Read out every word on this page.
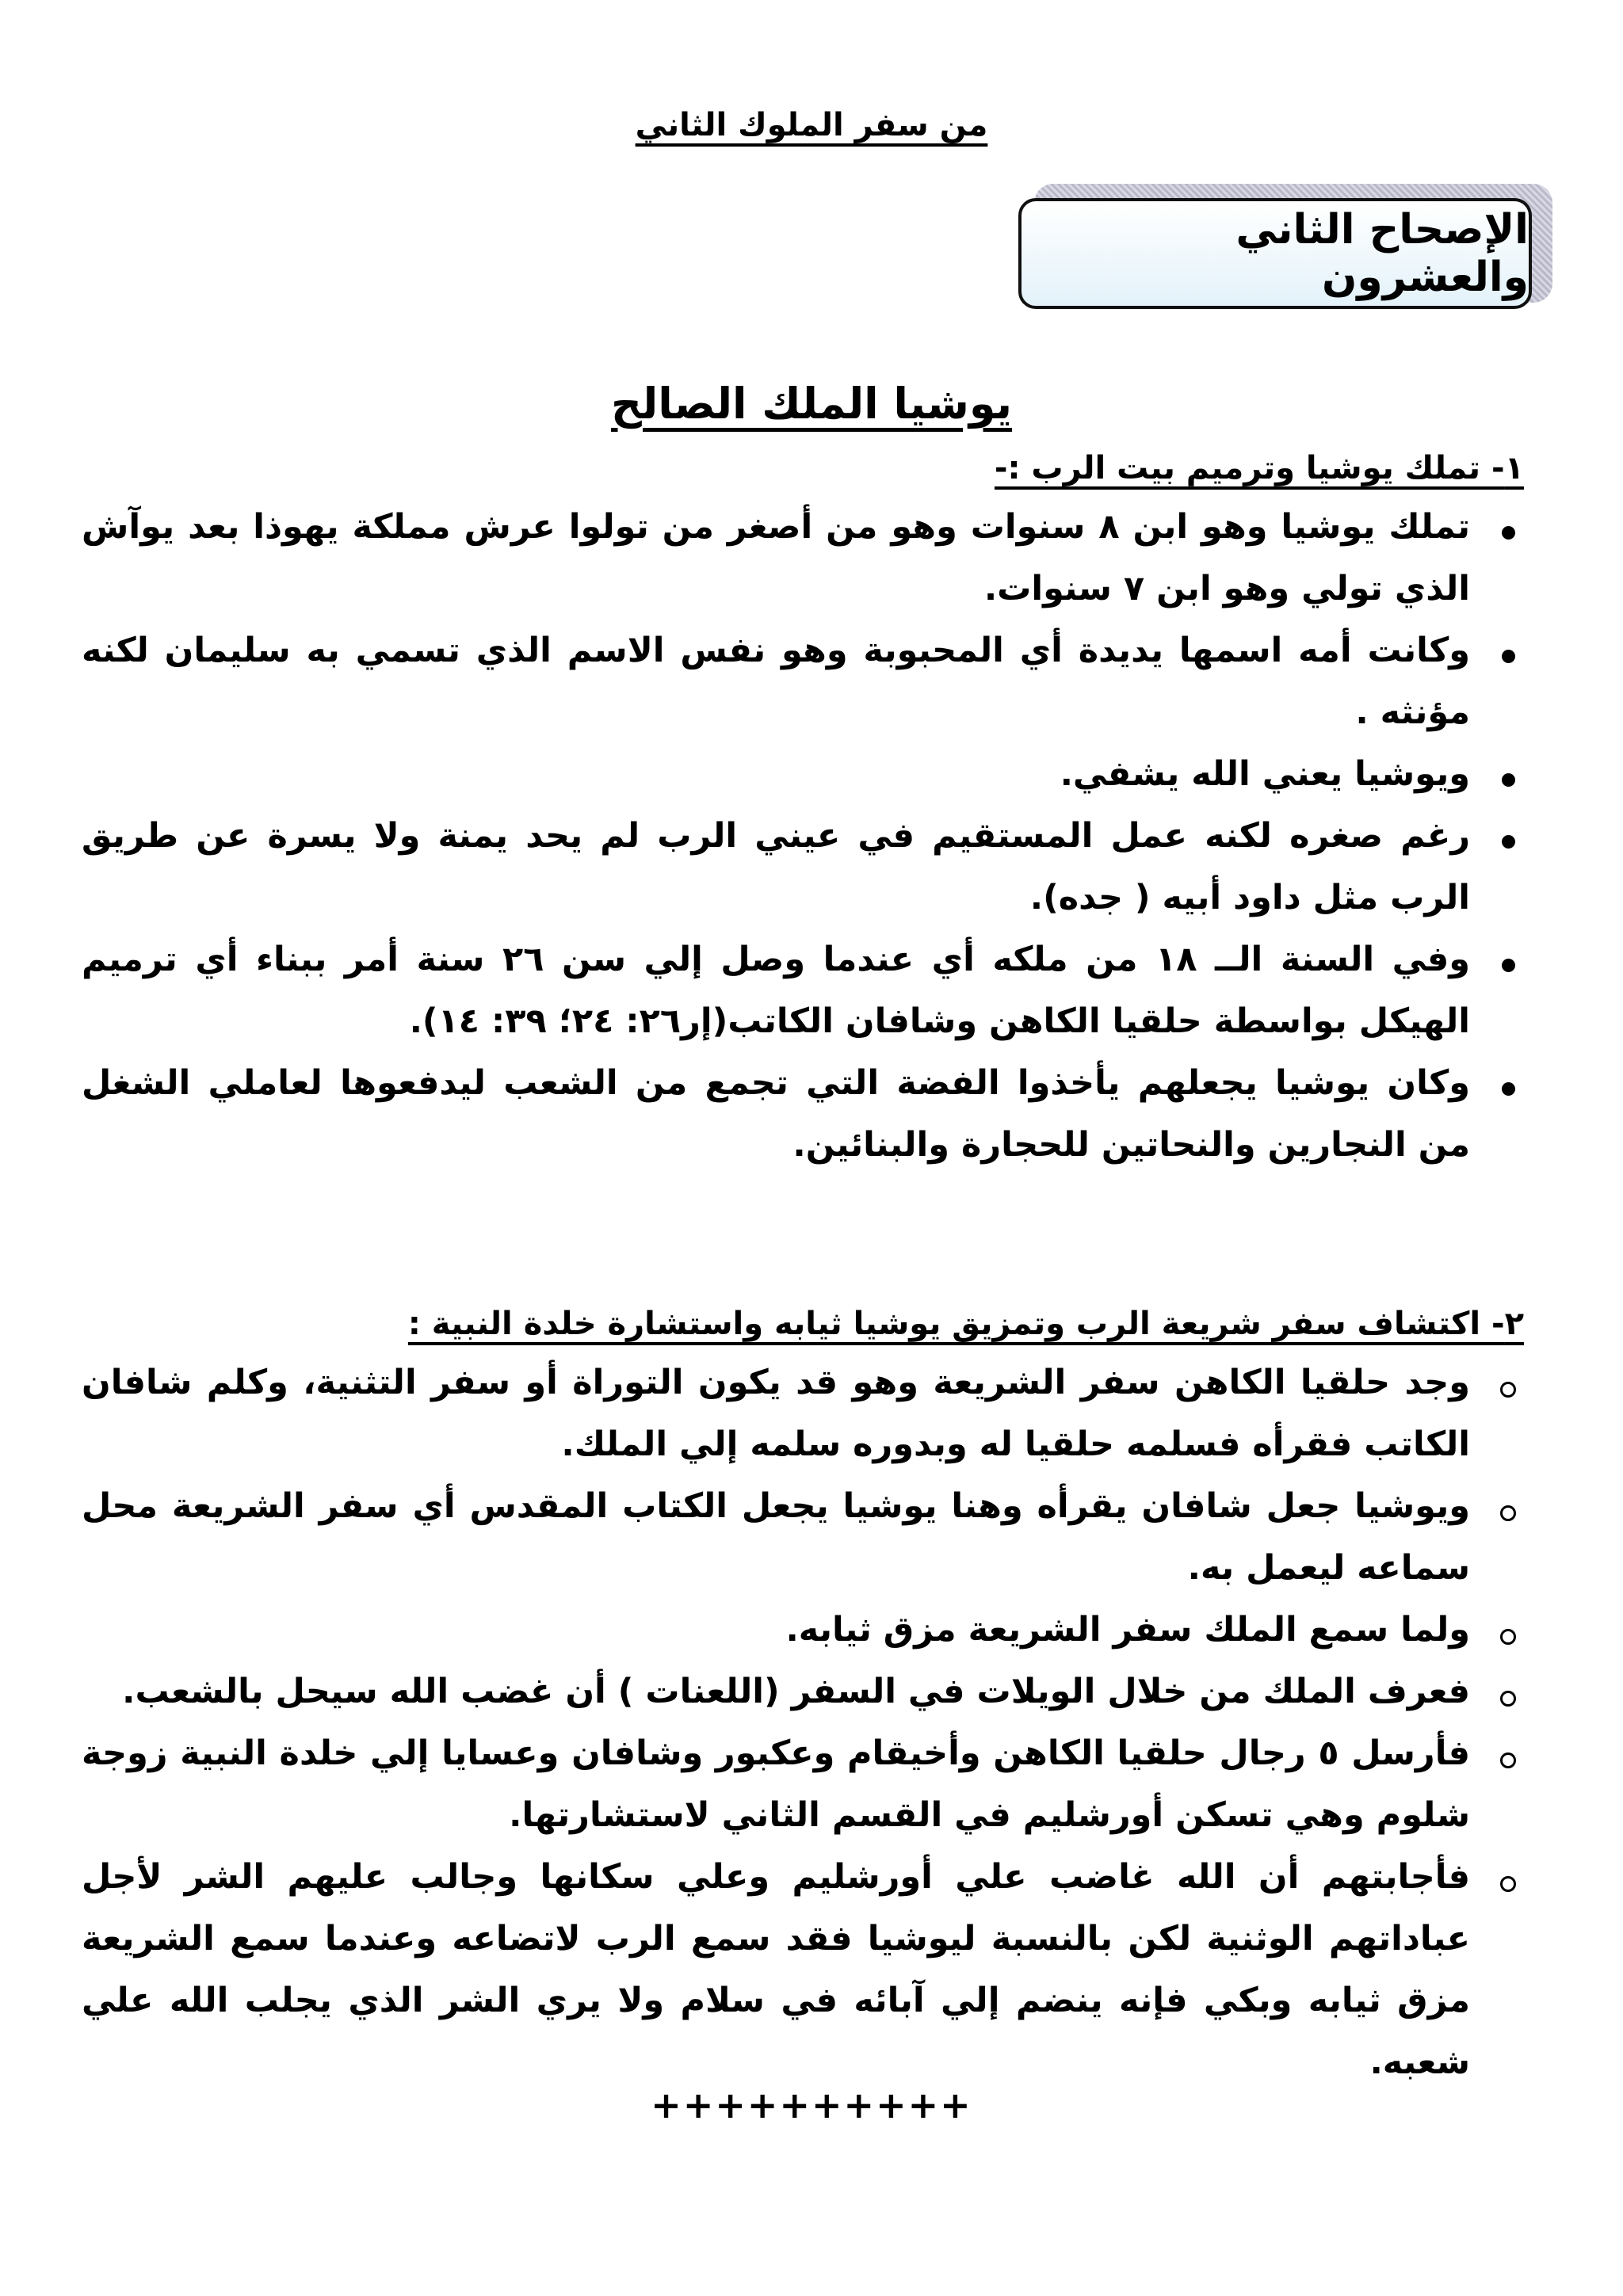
من سفر الملوك الثاني
الإصحاح الثاني والعشرون
يوشيا الملك الصالح
١- تملك يوشيا وترميم بيت الرب :-
تملك يوشيا وهو ابن ٨ سنوات وهو من أصغر من تولوا عرش مملكة يهوذا بعد يوآش الذي تولي وهو ابن ٧ سنوات.
وكانت أمه اسمها يديدة أي المحبوبة وهو نفس الاسم الذي تسمي به سليمان لكنه مؤنثه .
ويوشيا يعني الله يشفي.
رغم صغره لكنه عمل المستقيم في عيني الرب لم يحد يمنة ولا يسرة عن طريق الرب مثل داود أبيه ( جده).
وفي السنة الــ ١٨ من ملكه أي عندما وصل إلي سن ٢٦ سنة أمر ببناء أي ترميم الهيكل بواسطة حلقيا الكاهن وشافان الكاتب(إر٢٦: ٢٤؛ ٣٩: ١٤).
وكان يوشيا يجعلهم يأخذوا الفضة التي تجمع من الشعب ليدفعوها لعاملي الشغل من النجارين والنحاتين للحجارة والبنائين.
٢- اكتشاف سفر شريعة الرب وتمزيق يوشيا ثيابه واستشارة خلدة النبية :
وجد حلقيا الكاهن سفر الشريعة وهو قد يكون التوراة أو سفر التثنية، وكلم شافان الكاتب فقرأه فسلمه حلقيا له وبدوره سلمه إلي الملك.
ويوشيا جعل شافان يقرأه وهنا يوشيا يجعل الكتاب المقدس أي سفر الشريعة محل سماعه ليعمل به.
ولما سمع الملك سفر الشريعة مزق ثيابه.
فعرف الملك من خلال الويلات في السفر (اللعنات ) أن غضب الله سيحل بالشعب.
فأرسل ٥ رجال حلقيا الكاهن وأخيقام وعكبور وشافان وعسايا إلي خلدة النبية زوجة شلوم وهي تسكن أورشليم في القسم الثاني لاستشارتها.
فأجابتهم أن الله غاضب علي أورشليم وعلي سكانها وجالب عليهم الشر لأجل عباداتهم الوثنية لكن بالنسبة ليوشيا فقد سمع الرب لاتضاعه وعندما سمع الشريعة مزق ثيابه وبكي فإنه ينضم إلي آبائه في سلام ولا يري الشر الذي يجلب الله علي شعبه.
++++++++++
